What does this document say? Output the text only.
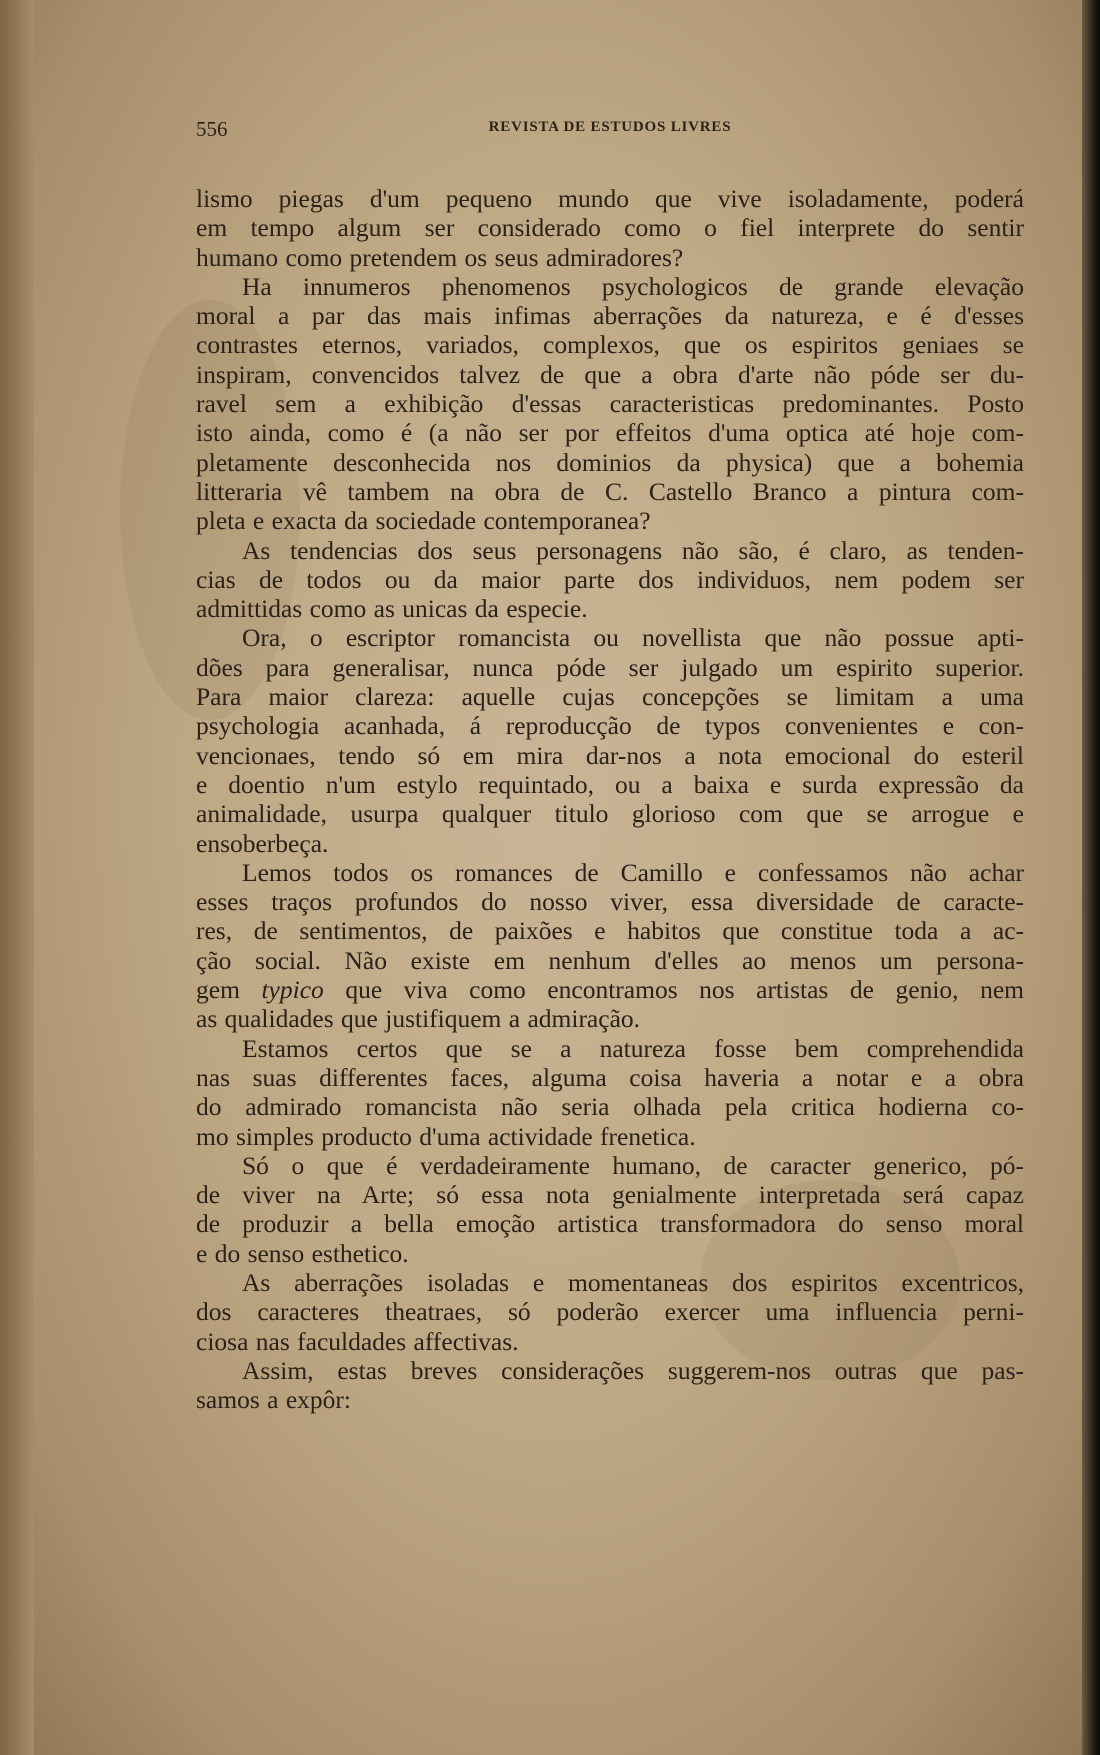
556	REVISTA DE ESTUDOS LIVRES
lismo piegas d'um pequeno mundo que vive isoladamente, poderá
em tempo algum ser considerado como o fiel interprete do sentir
humano como pretendem os seus admiradores?
Ha innumeros phenomenos psychologicos de grande elevação
moral a par das mais infimas aberrações da natureza, e é d'esses
contrastes eternos, variados, complexos, que os espiritos geniaes se
inspiram, convencidos talvez de que a obra d'arte não póde ser du-
ravel sem a exhibição d'essas caracteristicas predominantes. Posto
isto ainda, como é (a não ser por effeitos d'uma optica até hoje com-
pletamente desconhecida nos dominios da physica) que a bohemia
litteraria vê tambem na obra de C. Castello Branco a pintura com-
pleta e exacta da sociedade contemporanea?
As tendencias dos seus personagens não são, é claro, as tenden-
cias de todos ou da maior parte dos individuos, nem podem ser
admittidas como as unicas da especie.
Ora, o escriptor romancista ou novellista que não possue apti-
dões para generalisar, nunca póde ser julgado um espirito superior.
Para maior clareza: aquelle cujas concepções se limitam a uma
psychologia acanhada, á reproducção de typos convenientes e con-
vencionaes, tendo só em mira dar-nos a nota emocional do esteril
e doentio n'um estylo requintado, ou a baixa e surda expressão da
animalidade, usurpa qualquer titulo glorioso com que se arrogue e
ensoberbeça.
Lemos todos os romances de Camillo e confessamos não achar
esses traços profundos do nosso viver, essa diversidade de caracte-
res, de sentimentos, de paixões e habitos que constitue toda a ac-
ção social. Não existe em nenhum d'elles ao menos um persona-
gem typico que viva como encontramos nos artistas de genio, nem
as qualidades que justifiquem a admiração.
Estamos certos que se a natureza fosse bem comprehendida
nas suas differentes faces, alguma coisa haveria a notar e a obra
do admirado romancista não seria olhada pela critica hodierna co-
mo simples producto d'uma actividade frenetica.
Só o que é verdadeiramente humano, de caracter generico, pó-
de viver na Arte; só essa nota genialmente interpretada será capaz
de produzir a bella emoção artistica transformadora do senso moral
e do senso esthetico.
As aberrações isoladas e momentaneas dos espiritos excentricos,
dos caracteres theatraes, só poderão exercer uma influencia perni-
ciosa nas faculdades affectivas.
Assim, estas breves considerações suggerem-nos outras que pas-
samos a expôr:
